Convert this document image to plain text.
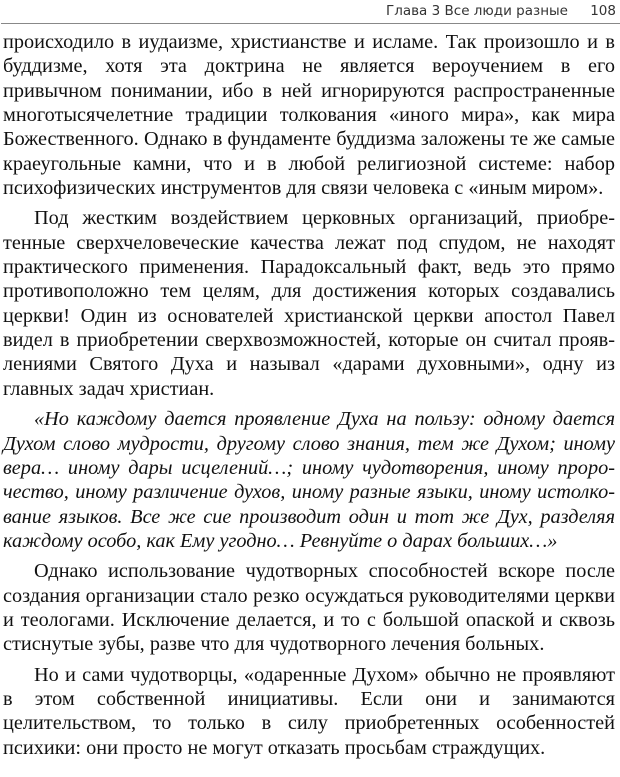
Глава 3 Все люди разные 108

происходило в иудаизме, христианстве и исламе. Так произошло и в буддизме, хотя эта доктрина не является вероучением в его привычном понимании, ибо в ней игнорируются распространенные многотысячелетние традиции толкования «иного мира», как мира Божественного. Однако в фундаменте буддизма заложены те же самые краеугольные камни, что и в любой религиозной системе: набор психофизических инструментов для связи человека с «иным миром».

Под жестким воздействием церковных организаций, приобретенные сверхчеловеческие качества лежат под спудом, не находят практического применения. Парадоксальный факт, ведь это прямо противоположно тем целям, для достижения которых создавались церкви! Один из основателей христианской церкви апостол Павел видел в приобретении сверхвозможностей, которые он считал проявлениями Святого Духа и называл «дарами духовными», одну из главных задач христиан.

«Но каждому дается проявление Духа на пользу: одному дается Духом слово мудрости, другому слово знания, тем же Духом; иному вера… иному дары исцелений…; иному чудотворения, иному пророчество, иному различение духов, иному разные языки, иному истолкование языков. Все же сие производит один и тот же Дух, разделяя каждому особо, как Ему угодно… Ревнуйте о дарах больших…»

Однако использование чудотворных способностей вскоре после создания организации стало резко осуждаться руководителями церкви и теологами. Исключение делается, и то с большой опаской и сквозь стиснутые зубы, разве что для чудотворного лечения больных.

Но и сами чудотворцы, «одаренные Духом» обычно не проявляют в этом собственной инициативы. Если они и занимаются целительством, то только в силу приобретенных особенностей психики: они просто не могут отказать просьбам страждущих.
